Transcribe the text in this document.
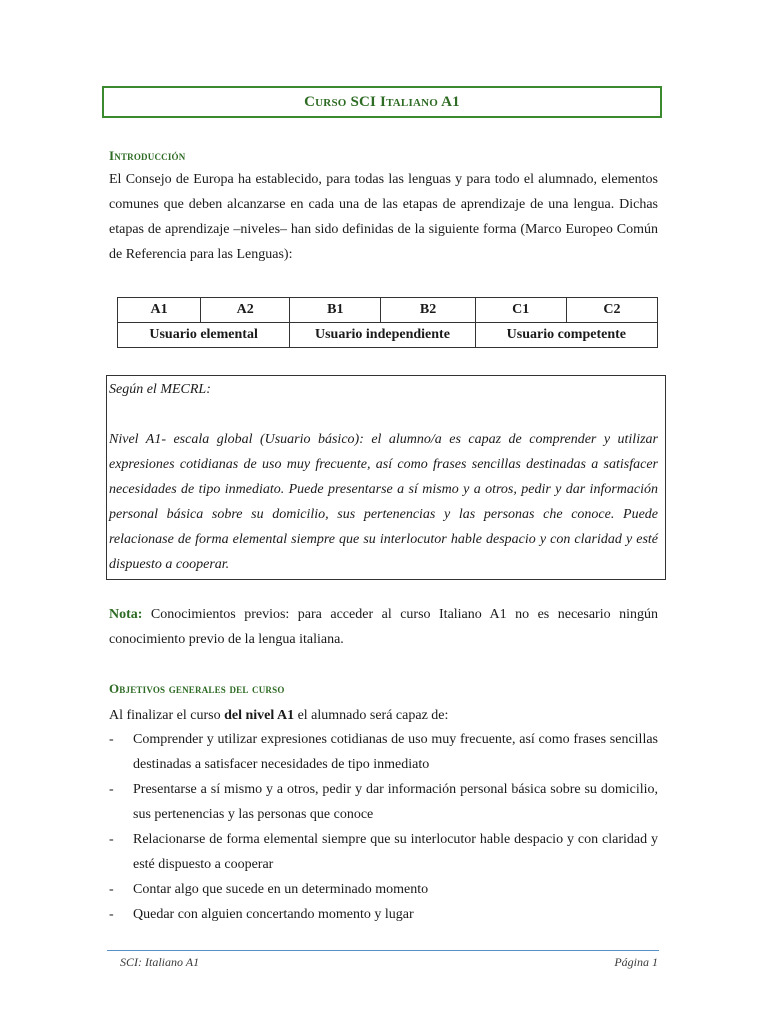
Curso SCI Italiano A1
Introducción
El Consejo de Europa ha establecido, para todas las lenguas y para todo el alumnado, elementos comunes que deben alcanzarse en cada una de las etapas de aprendizaje de una lengua. Dichas etapas de aprendizaje –niveles– han sido definidas de la siguiente forma (Marco Europeo Común de Referencia para las Lenguas):
A1	A2	B1	B2	C1	C2
Usuario elemental		Usuario independiente		Usuario competente	

Según el MECRL:

Nivel A1- escala global (Usuario básico): el alumno/a es capaz de comprender y utilizar expresiones cotidianas de uso muy frecuente, así como frases sencillas destinadas a satisfacer necesidades de tipo inmediato. Puede presentarse a sí mismo y a otros, pedir y dar información personal básica sobre su domicilio, sus pertenencias y las personas che conoce. Puede relacionase de forma elemental siempre que su interlocutor hable despacio y con claridad y esté dispuesto a cooperar.

Nota: Conocimientos previos: para acceder al curso Italiano A1 no es necesario ningún conocimiento previo de la lengua italiana.
Objetivos generales del curso
Al finalizar el curso del nivel A1 el alumnado será capaz de:
- Comprender y utilizar expresiones cotidianas de uso muy frecuente, así como frases sencillas destinadas a satisfacer necesidades de tipo inmediato
- Presentarse a sí mismo y a otros, pedir y dar información personal básica sobre su domicilio, sus pertenencias y las personas que conoce
- Relacionarse de forma elemental siempre que su interlocutor hable despacio y con claridad y esté dispuesto a cooperar
- Contar algo que sucede en un determinado momento
- Quedar con alguien concertando momento y lugar
SCI: Italiano A1	Página 1
